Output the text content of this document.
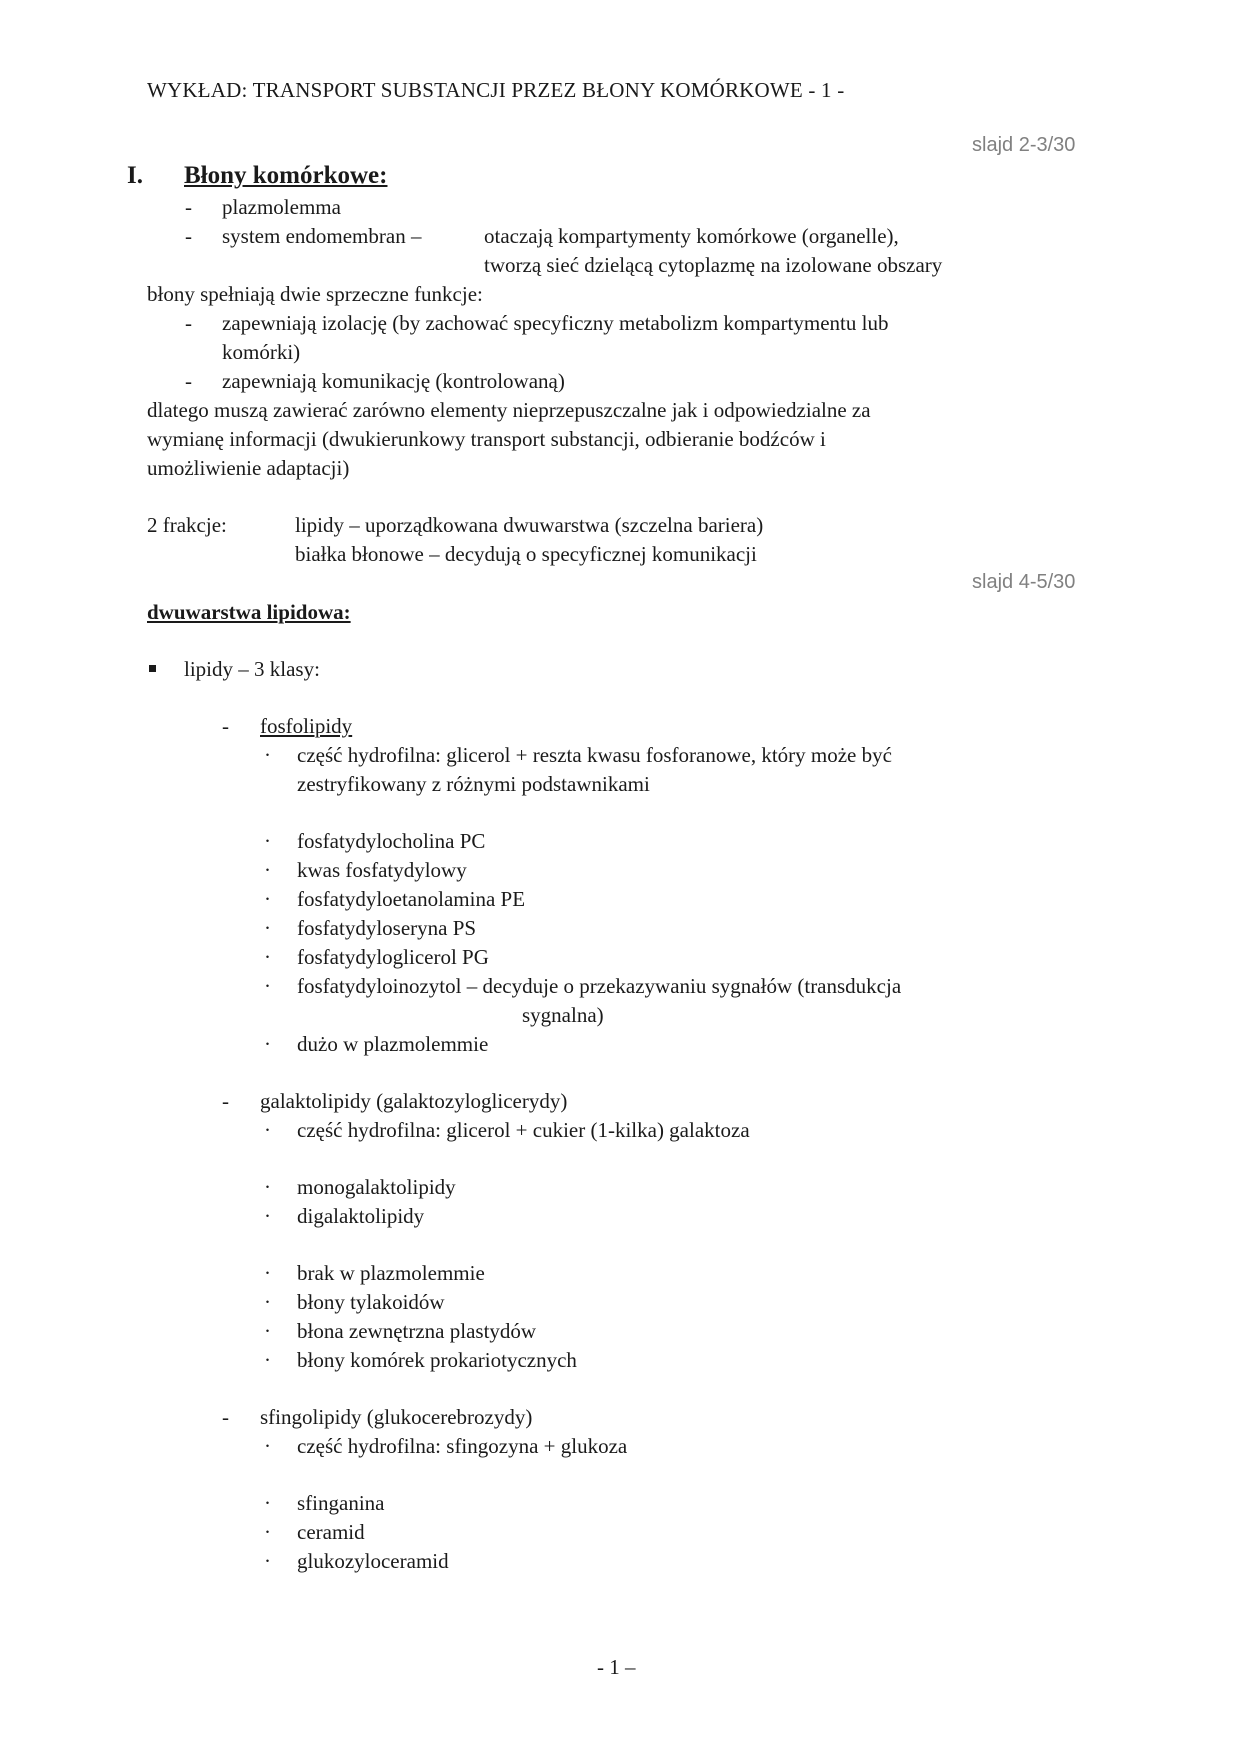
WYKŁAD: TRANSPORT SUBSTANCJI PRZEZ BŁONY KOMÓRKOWE - 1 -
slajd 2-3/30
I. Błony komórkowe:
- plazmolemma
- system endomembran –	otaczają kompartymenty komórkowe (organelle),
tworzą sieć dzielącą cytoplazmę na izolowane obszary
błony spełniają dwie sprzeczne funkcje:
- zapewniają izolację (by zachować specyficzny metabolizm kompartymentu lub
komórki)
- zapewniają komunikację (kontrolowaną)
dlatego muszą zawierać zarówno elementy nieprzepuszczalne jak i odpowiedzialne za
wymianę informacji (dwukierunkowy transport substancji, odbieranie bodźców i
umożliwienie adaptacji)
2 frakcje:	lipidy – uporządkowana dwuwarstwa (szczelna bariera)
białka błonowe – decydują o specyficznej komunikacji
slajd 4-5/30
dwuwarstwa lipidowa:
lipidy – 3 klasy:
- fosfolipidy
· część hydrofilna: glicerol + reszta kwasu fosforanowe, który może być
zestryfikowany z różnymi podstawnikami
· fosfatydylocholina PC
· kwas fosfatydylowy
· fosfatydyloetanolamina PE
· fosfatydyloseryna PS
· fosfatydyloglicerol PG
· fosfatydyloinozytol – decyduje o przekazywaniu sygnałów (transdukcja
sygnalna)
· dużo w plazmolemmie
- galaktolipidy (galaktozyloglicerydy)
· część hydrofilna: glicerol + cukier (1-kilka) galaktoza
· monogalaktolipidy
· digalaktolipidy
· brak w plazmolemmie
· błony tylakoidów
· błona zewnętrzna plastydów
· błony komórek prokariotycznych
- sfingolipidy (glukocerebrozydy)
· część hydrofilna: sfingozyna + glukoza
· sfinganina
· ceramid
· glukozyloceramid
- 1 –
